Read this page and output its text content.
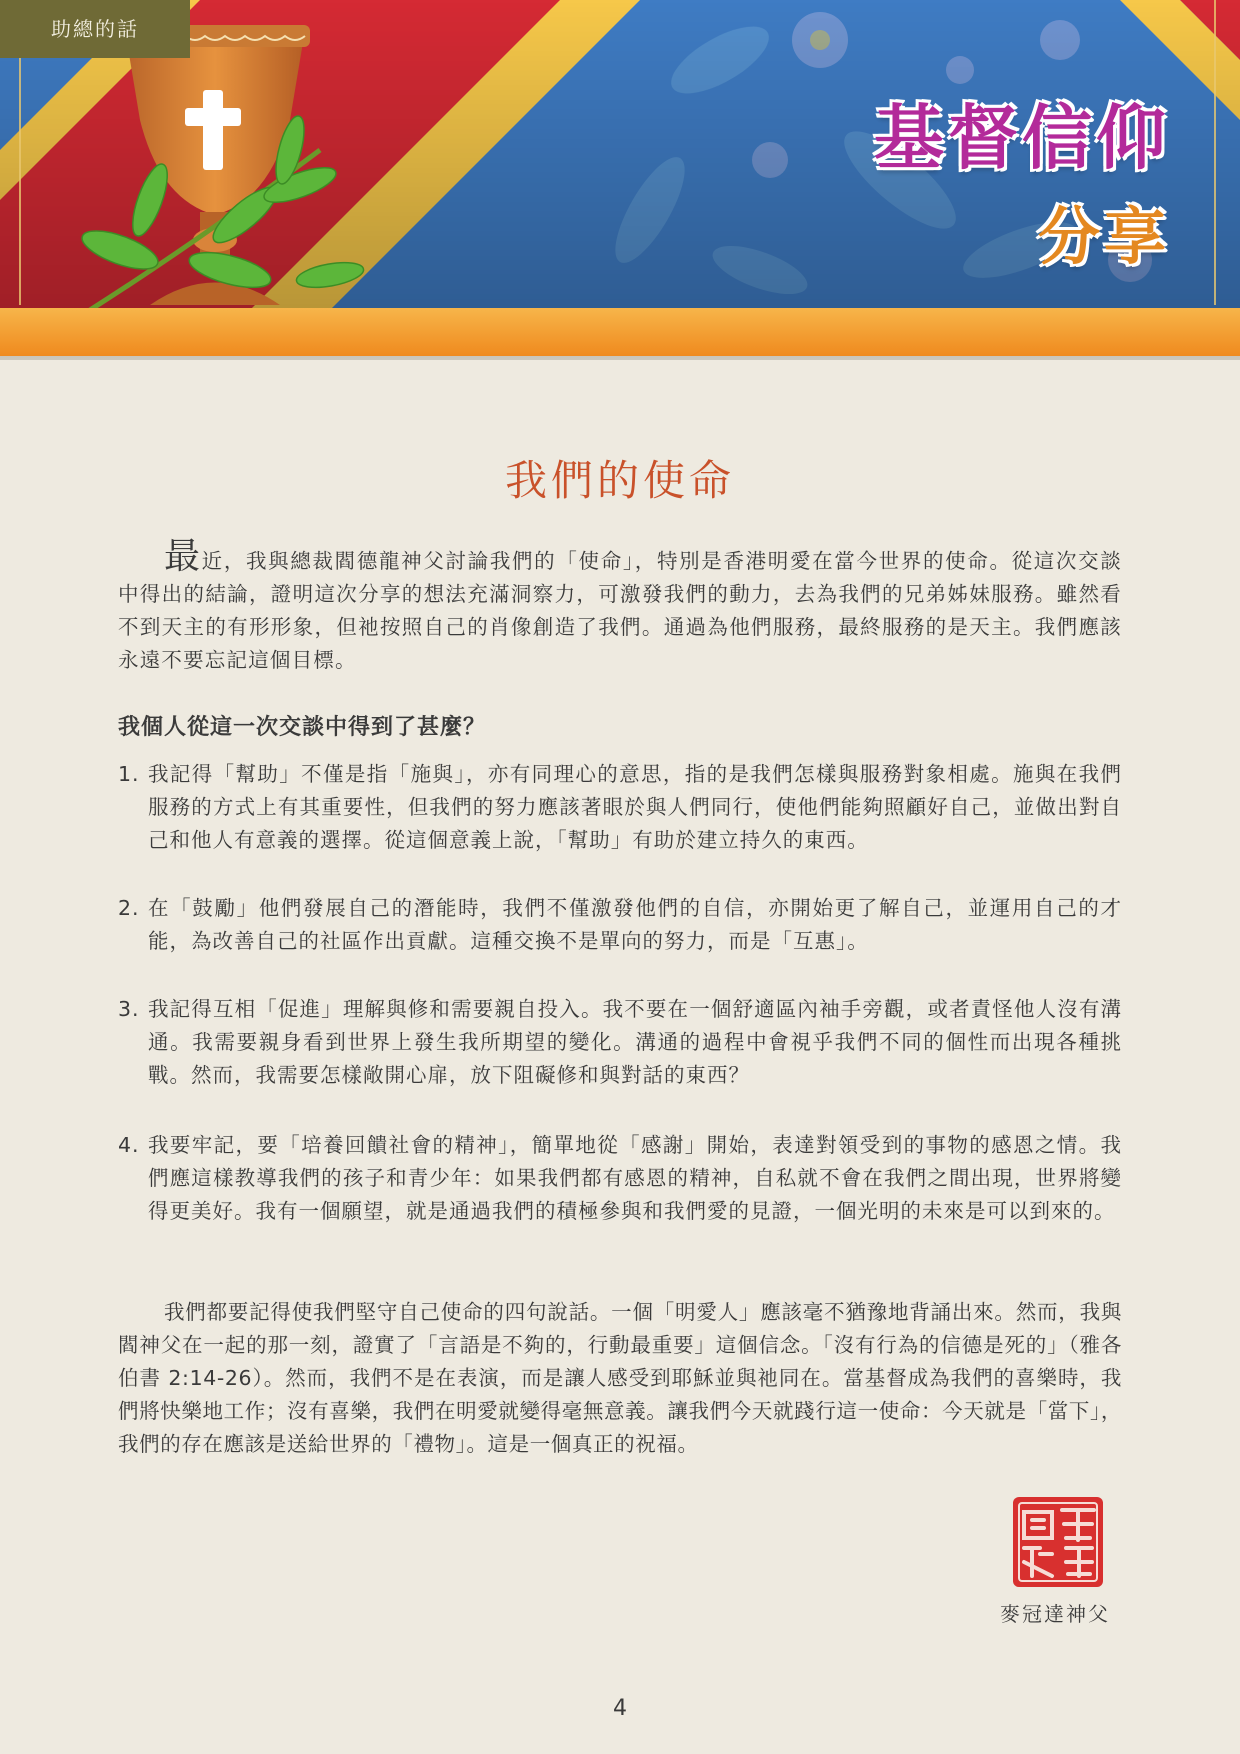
助總的話
基督信仰
分享
我們的使命

最近，我與總裁閻德龍神父討論我們的「使命」，特別是香港明愛在當今世界的使命。從這次交談中得出的結論，證明這次分享的想法充滿洞察力，可激發我們的動力，去為我們的兄弟姊妹服務。雖然看不到天主的有形形象，但祂按照自己的肖像創造了我們。通過為他們服務，最終服務的是天主。我們應該永遠不要忘記這個目標。

我個人從這一次交談中得到了甚麼？

1. 我記得「幫助」不僅是指「施與」，亦有同理心的意思，指的是我們怎樣與服務對象相處。施與在我們服務的方式上有其重要性，但我們的努力應該著眼於與人們同行，使他們能夠照顧好自己，並做出對自己和他人有意義的選擇。從這個意義上說，「幫助」有助於建立持久的東西。
2. 在「鼓勵」他們發展自己的潛能時，我們不僅激發他們的自信，亦開始更了解自己，並運用自己的才能，為改善自己的社區作出貢獻。這種交換不是單向的努力，而是「互惠」。
3. 我記得互相「促進」理解與修和需要親自投入。我不要在一個舒適區內袖手旁觀，或者責怪他人沒有溝通。我需要親身看到世界上發生我所期望的變化。溝通的過程中會視乎我們不同的個性而出現各種挑戰。然而，我需要怎樣敞開心扉，放下阻礙修和與對話的東西？
4. 我要牢記，要「培養回饋社會的精神」，簡單地從「感謝」開始，表達對領受到的事物的感恩之情。我們應這樣教導我們的孩子和青少年：如果我們都有感恩的精神，自私就不會在我們之間出現，世界將變得更美好。我有一個願望，就是通過我們的積極參與和我們愛的見證，一個光明的未來是可以到來的。

我們都要記得使我們堅守自己使命的四句說話。一個「明愛人」應該毫不猶豫地背誦出來。然而，我與閻神父在一起的那一刻，證實了「言語是不夠的，行動最重要」這個信念。「沒有行為的信德是死的」（雅各伯書 2:14-26）。然而，我們不是在表演，而是讓人感受到耶穌並與祂同在。當基督成為我們的喜樂時，我們將快樂地工作；沒有喜樂，我們在明愛就變得毫無意義。讓我們今天就踐行這一使命：今天就是「當下」，我們的存在應該是送給世界的「禮物」。這是一個真正的祝福。

麥冠達神父
4
